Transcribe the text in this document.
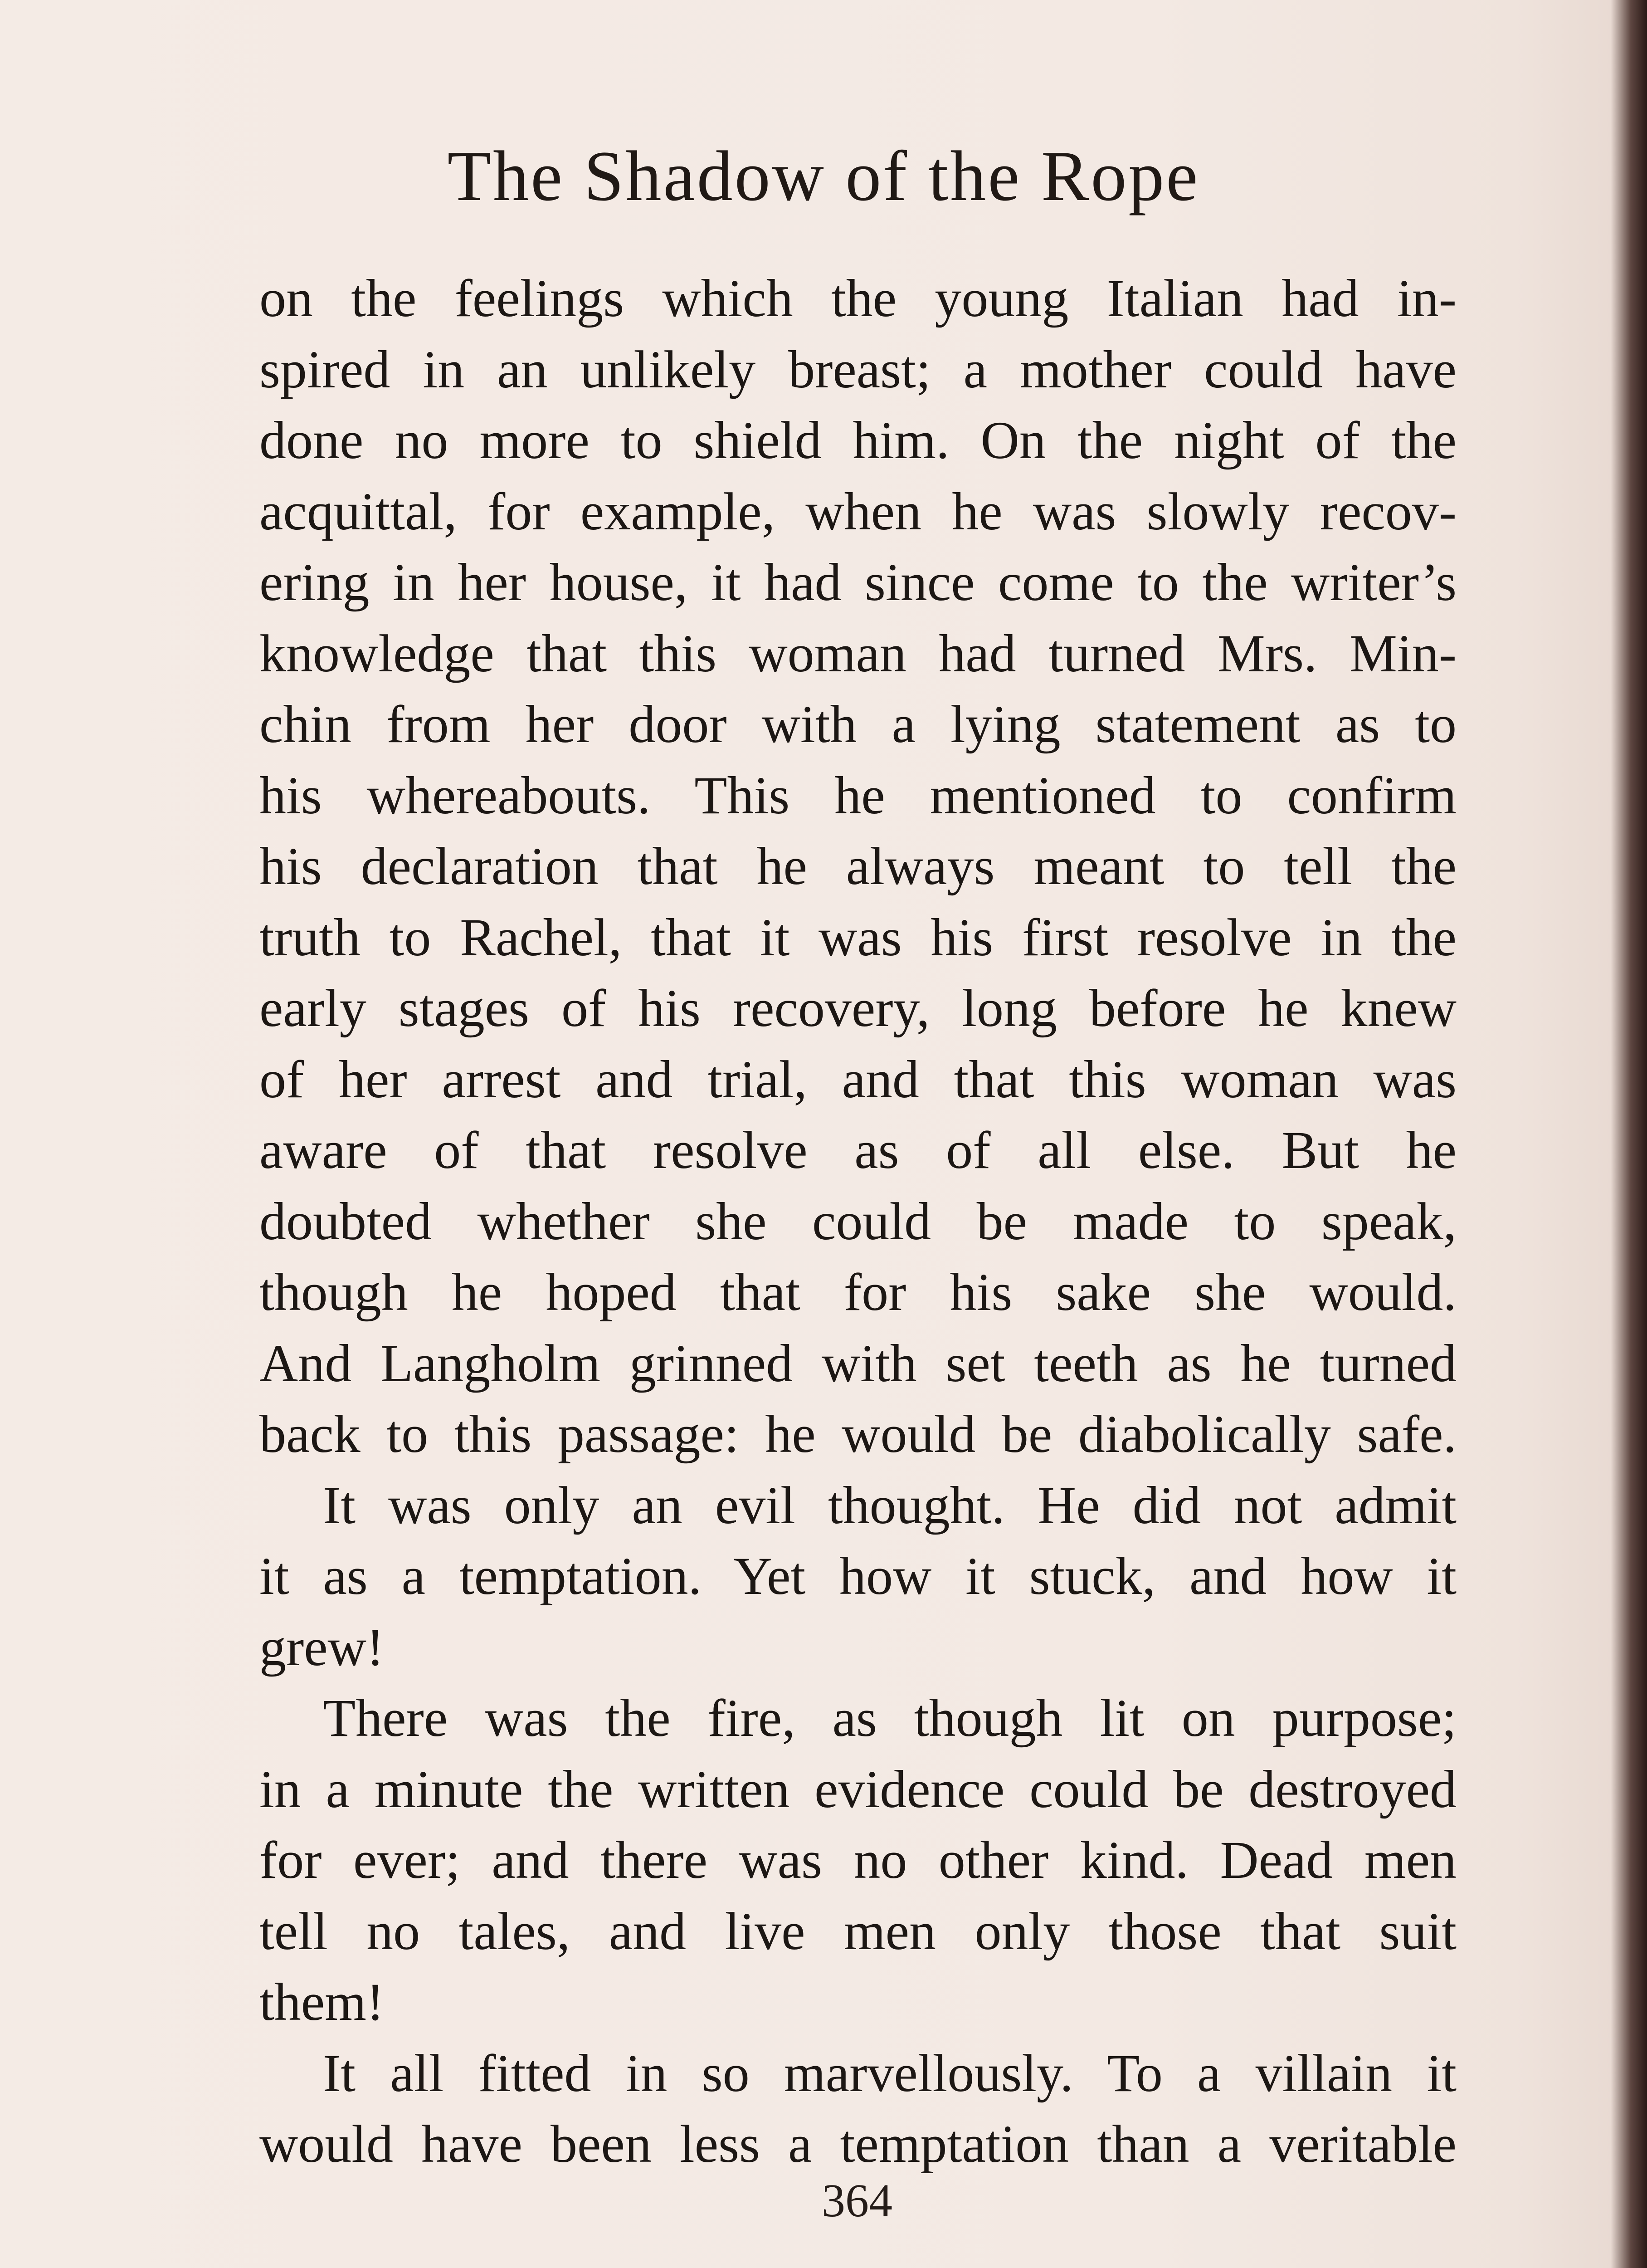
The Shadow of the Rope
on the feelings which the young Italian had in-
spired in an unlikely breast; a mother could have
done no more to shield him. On the night of the
acquittal, for example, when he was slowly recov-
ering in her house, it had since come to the writer’s
knowledge that this woman had turned Mrs. Min-
chin from her door with a lying statement as to
his whereabouts. This he mentioned to confirm
his declaration that he always meant to tell the
truth to Rachel, that it was his first resolve in the
early stages of his recovery, long before he knew
of her arrest and trial, and that this woman was
aware of that resolve as of all else. But he
doubted whether she could be made to speak,
though he hoped that for his sake she would.
And Langholm grinned with set teeth as he turned
back to this passage: he would be diabolically safe.
It was only an evil thought. He did not admit
it as a temptation. Yet how it stuck, and how it
grew!
There was the fire, as though lit on purpose;
in a minute the written evidence could be destroyed
for ever; and there was no other kind. Dead men
tell no tales, and live men only those that suit
them!
It all fitted in so marvellously. To a villain it
would have been less a temptation than a veritable
364
